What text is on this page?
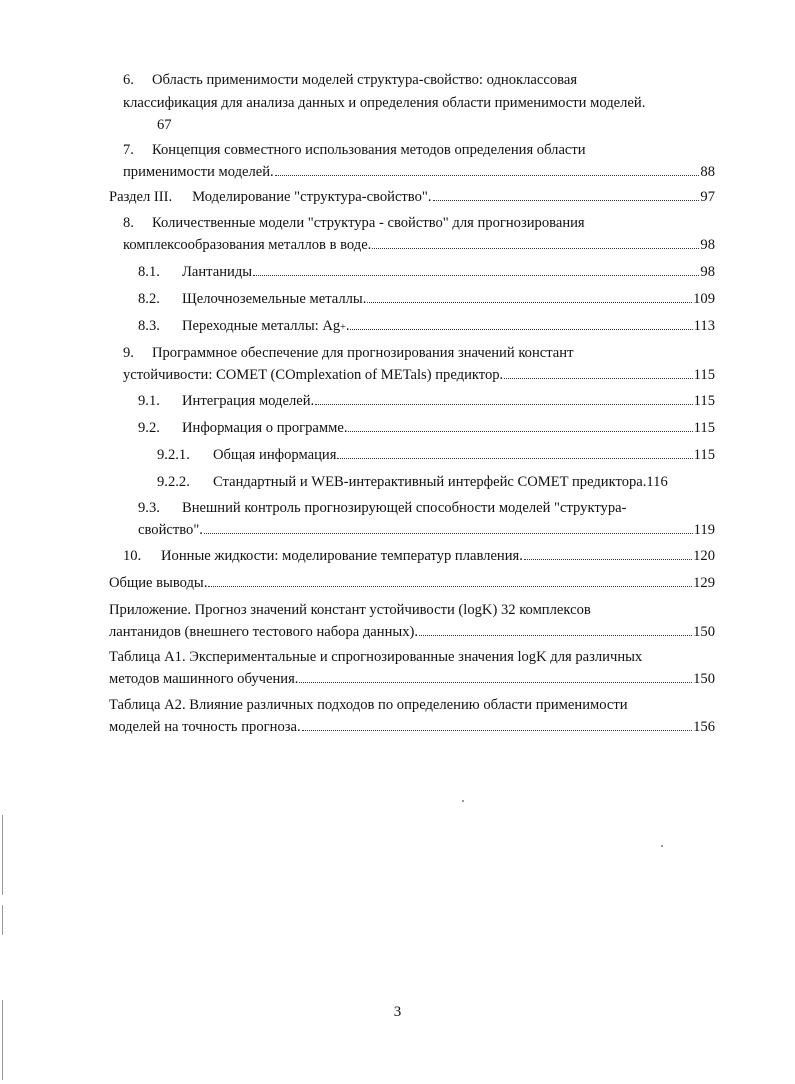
6. Область применимости моделей структура-свойство: одноклассовая
классификация для анализа данных и определения области применимости моделей.
67
7. Концепция совместного использования методов определения области
применимости моделей.	88
Раздел III. Моделирование "структура-свойство".	97
8. Количественные модели "структура - свойство" для прогнозирования
комплексообразования металлов в воде.	98
8.1.	Лантаниды	98
8.2.	Щелочноземельные металлы.	109
8.3.	Переходные металлы: Ag + .	113
9. Программное обеспечение для прогнозирования значений констант
устойчивости: COMET (COmplexation of METals) предиктор.	115
9.1.	Интеграция моделей.	115
9.2.	Информация о программе.	115
9.2.1.	Общая информация	115
9.2.2.	Стандартный и WEB-интерактивный интерфейс COMET предиктора. 116
9.3. Внешний контроль прогнозирующей способности моделей "структура-
свойство".	119
10.	Ионные жидкости: моделирование температур плавления.	120
Общие выводы.	129
Приложение. Прогноз значений констант устойчивости (logK) 32 комплексов
лантанидов (внешнего тестового набора данных).	150
Таблица А1. Экспериментальные и спрогнозированные значения logK для различных
методов машинного обучения.	150
Таблица А2. Влияние различных подходов по определению области применимости
моделей на точность прогноза.	156
3
